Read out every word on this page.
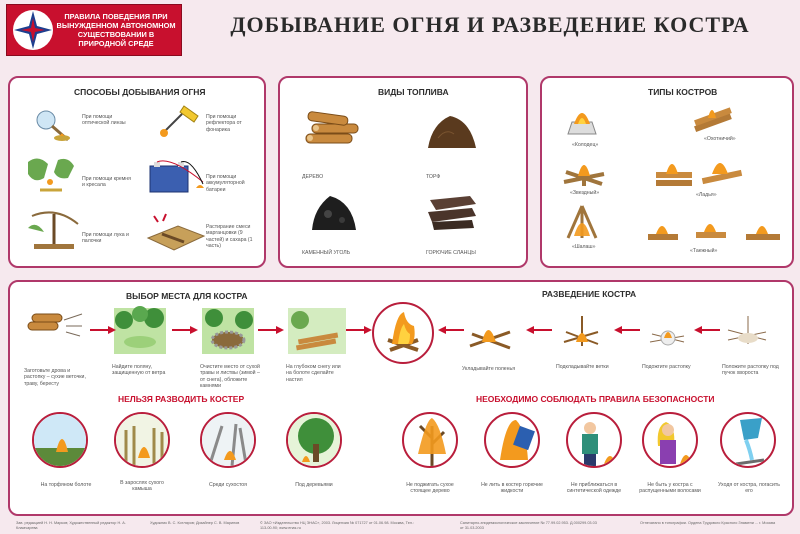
ПРАВИЛА ПОВЕДЕНИЯ ПРИ ВЫНУЖДЕННОМ АВТОНОМНОМ СУЩЕСТВОВАНИИ В ПРИРОДНОЙ СРЕДЕ
ДОБЫВАНИЕ ОГНЯ И РАЗВЕДЕНИЕ КОСТРА
СПОСОБЫ ДОБЫВАНИЯ ОГНЯ
При помощи оптической линзы
При помощи рефлектора от фонарика
При помощи кремня и кресала
При помощи аккумуляторной батареи
При помощи лука и палочки
Растирание смеси марганцовки (9 частей) и сахара (1 часть)
ВИДЫ ТОПЛИВА
ДЕРЕВО	ТОРФ
КАМЕННЫЙ УГОЛЬ	ГОРЮЧИЕ СЛАНЦЫ
ТИПЫ КОСТРОВ
«Колодец»
«Охотничий»
«Звездный»	«Ладья»
«Шалаш»
«Таежный»
ВЫБОР МЕСТА ДЛЯ КОСТРА	РАЗВЕДЕНИЕ КОСТРА
Заготовьте дрова и растопку – сухие веточки, траву, бересту
Найдите поляну, защищенную от ветра
Очистите место от сухой травы и листвы (зимой – от снега), обложите камнями
На глубоком снегу или на болоте сделайте настил
Укладывайте поленья	Подкладывайте ветки	Подожгите растопку	Положите растопку под пучок хвороста
НЕЛЬЗЯ РАЗВОДИТЬ КОСТЕР
На торфяном болоте	В зарослях сухого камыша
Среди сухостоя	Под деревьями
НЕОБХОДИМО СОБЛЮДАТЬ ПРАВИЛА БЕЗОПАСНОСТИ
Не поджигать сухое стоящее дерево
Не лить в костер горючие жидкости
Не приближаться в синтетической одежде
Не быть у костра с распущенными волосами
Уходя от костра, погасить его
Зав. редакцией Н. Н. Марков; Художественный редактор Н. А. Кламчарева
Художник В. С. Котляров; Дизайнер С. В. Маринов	© ЗАО «Издательство НЦ ЭНАС», 2003. Лицензия № 071727 от 01.06.98. Москва, Тел.: 113-00-90; www.enas.ru
Санитарно-эпидемиологическое заключение № 77.99.02.953. Д.000299.03.03 от 31.03.2003
Отпечатано в типографии. Ордена Трудового Красного Знамени ... г. Москва
